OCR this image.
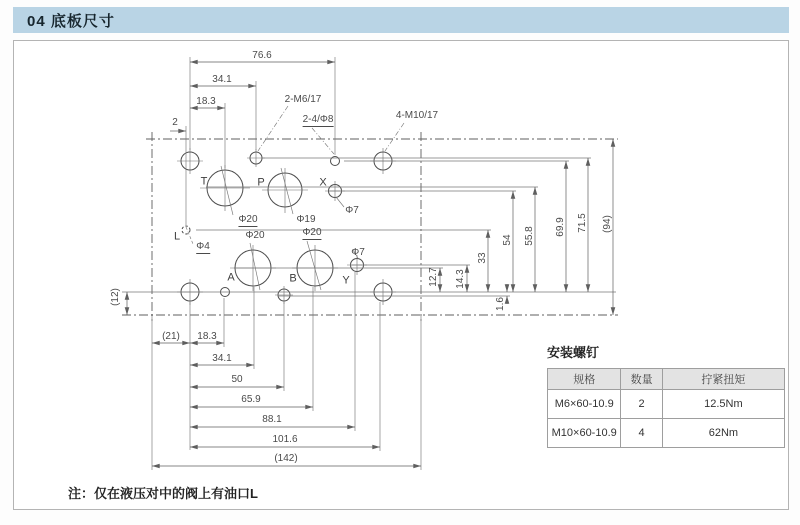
04 底板尺寸
76.6
34.1
18.3
2
2-M6/17
2-4/Φ8	4-M10/17
T	P	X
A	B	Y
L
Φ20	Φ19
Φ7
Φ20	Φ20
Φ7
Φ4
(21) 18.3
34.1
50
65.9
88.1
101.6
(142)
12.7 14.3
33
54 55.8 69.9 71.5 (94)
1.6
(12)
安装螺钉
规格	数量	拧紧扭矩
M6×60-10.9	2	12.5Nm
M10×60-10.9	4	62Nm
注：仅在液压对中的阀上有油口L
